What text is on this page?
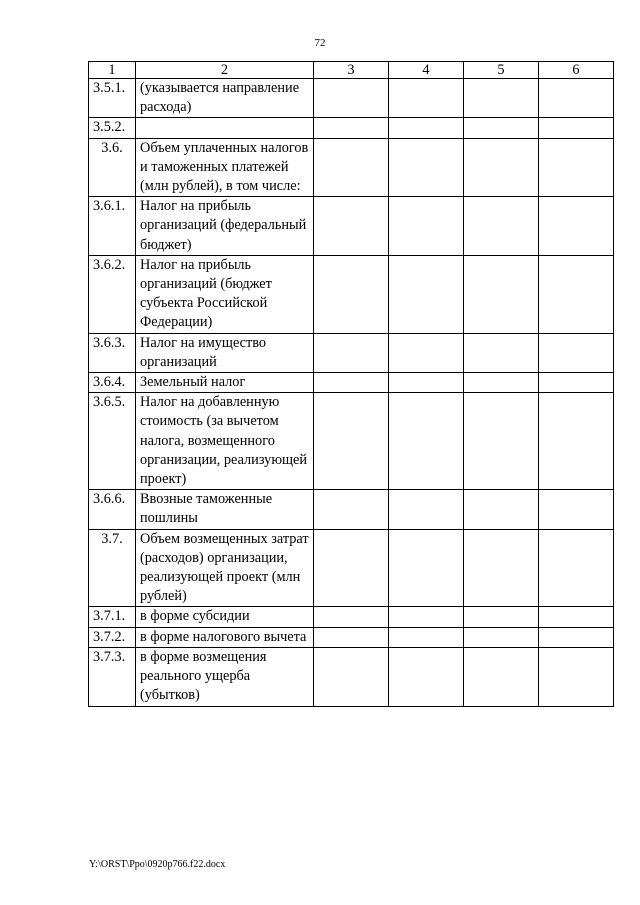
72
1	2	3	4	5	6
3.5.1.	(указывается направление расхода)				
3.5.2.					
3.6.	Объем уплаченных налогов и таможенных платежей (млн рублей), в том числе:				
3.6.1.	Налог на прибыль организаций (федеральный бюджет)				
3.6.2.	Налог на прибыль организаций (бюджет субъекта Российской Федерации)				
3.6.3.	Налог на имущество организаций				
3.6.4.	Земельный налог				
3.6.5.	Налог на добавленную стоимость (за вычетом налога, возмещенного организации, реализующей проект)				
3.6.6.	Ввозные таможенные пошлины				
3.7.	Объем возмещенных затрат (расходов) организации, реализующей проект (млн рублей)				
3.7.1.	в форме субсидии				
3.7.2.	в форме налогового вычета				
3.7.3.	в форме возмещения реального ущерба (убытков)				
Y:\ORST\Ppo\0920p766.f22.docx
